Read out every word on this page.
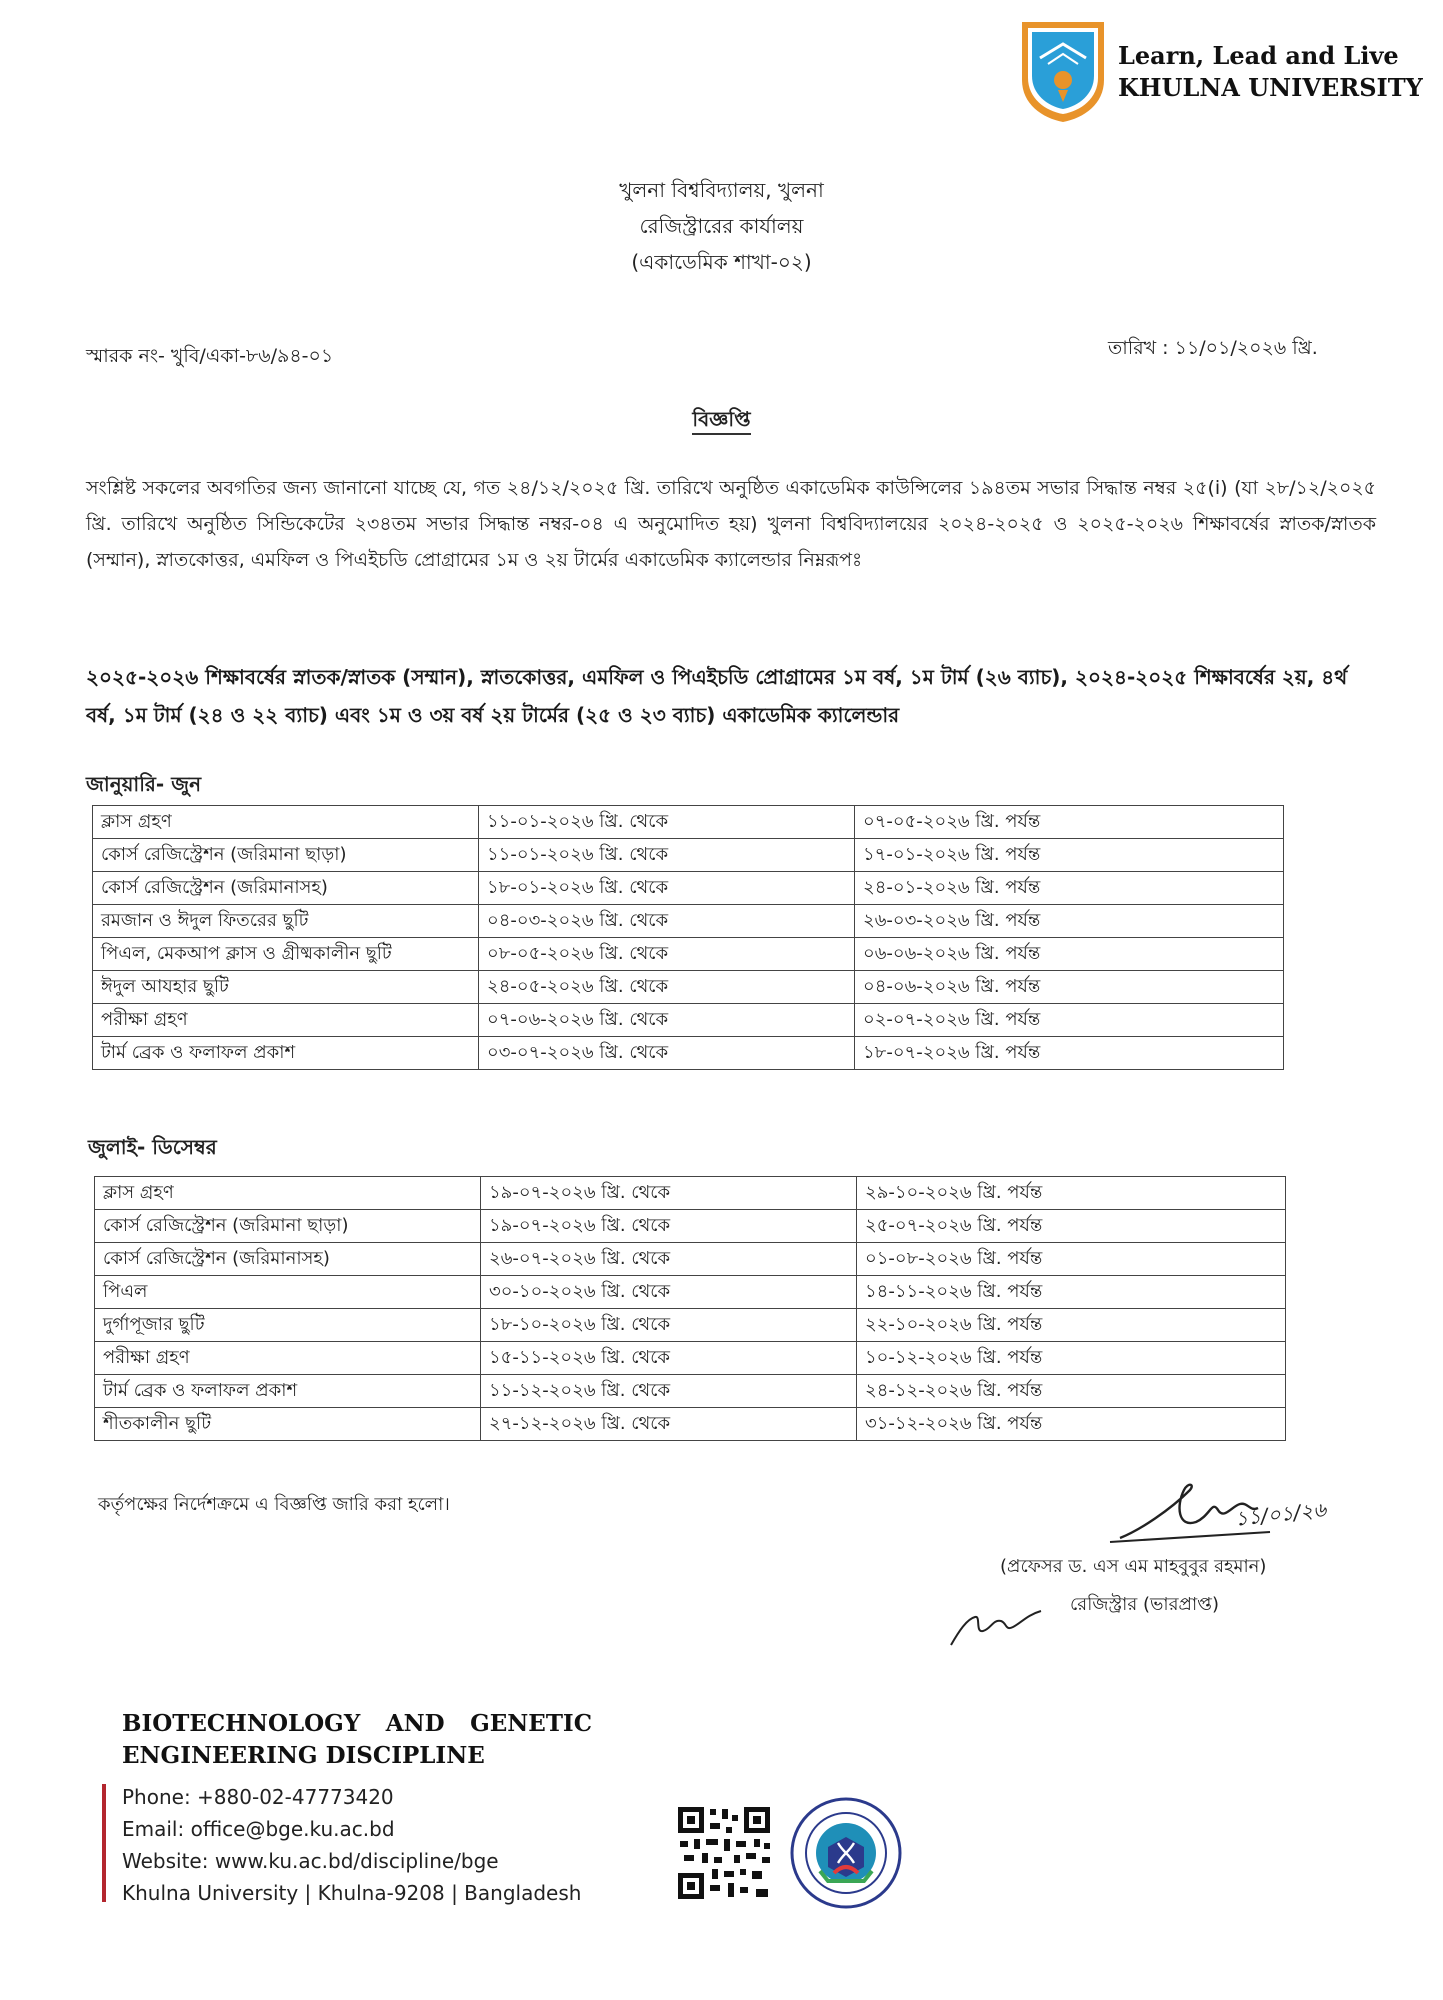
Learn, Lead and Live
KHULNA UNIVERSITY
খুলনা বিশ্ববিদ্যালয়, খুলনা
রেজিস্ট্রারের কার্যালয়
(একাডেমিক শাখা-০২)
স্মারক নং- খুবি/একা-৮৬/৯৪-০১	তারিখ : ১১/০১/২০২৬ খ্রি.
বিজ্ঞপ্তি
সংশ্লিষ্ট সকলের অবগতির জন্য জানানো যাচ্ছে যে, গত ২৪/১২/২০২৫ খ্রি. তারিখে অনুষ্ঠিত একাডেমিক কাউন্সিলের ১৯৪তম সভার সিদ্ধান্ত নম্বর ২৫(i) (যা ২৮/১২/২০২৫ খ্রি. তারিখে অনুষ্ঠিত সিন্ডিকেটের ২৩৪তম সভার সিদ্ধান্ত নম্বর-০৪ এ অনুমোদিত হয়) খুলনা বিশ্ববিদ্যালয়ের ২০২৪-২০২৫ ও ২০২৫-২০২৬ শিক্ষাবর্ষের স্নাতক/স্নাতক (সম্মান), স্নাতকোত্তর, এমফিল ও পিএইচডি প্রোগ্রামের ১ম ও ২য় টার্মের একাডেমিক ক্যালেন্ডার নিম্নরূপঃ
২০২৫-২০২৬ শিক্ষাবর্ষের স্নাতক/স্নাতক (সম্মান), স্নাতকোত্তর, এমফিল ও পিএইচডি প্রোগ্রামের ১ম বর্ষ, ১ম টার্ম (২৬ ব্যাচ), ২০২৪-২০২৫ শিক্ষাবর্ষের ২য়, ৪র্থ বর্ষ, ১ম টার্ম (২৪ ও ২২ ব্যাচ) এবং ১ম ও ৩য় বর্ষ ২য় টার্মের (২৫ ও ২৩ ব্যাচ) একাডেমিক ক্যালেন্ডার
জানুয়ারি- জুন
ক্লাস গ্রহণ	১১-০১-২০২৬ খ্রি. থেকে	০৭-০৫-২০২৬ খ্রি. পর্যন্ত
কোর্স রেজিস্ট্রেশন (জরিমানা ছাড়া)	১১-০১-২০২৬ খ্রি. থেকে	১৭-০১-২০২৬ খ্রি. পর্যন্ত
কোর্স রেজিস্ট্রেশন (জরিমানাসহ)	১৮-০১-২০২৬ খ্রি. থেকে	২৪-০১-২০২৬ খ্রি. পর্যন্ত
রমজান ও ঈদুল ফিতরের ছুটি	০৪-০৩-২০২৬ খ্রি. থেকে	২৬-০৩-২০২৬ খ্রি. পর্যন্ত
পিএল, মেকআপ ক্লাস ও গ্রীষ্মকালীন ছুটি	০৮-০৫-২০২৬ খ্রি. থেকে	০৬-০৬-২০২৬ খ্রি. পর্যন্ত
ঈদুল আযহার ছুটি	২৪-০৫-২০২৬ খ্রি. থেকে	০৪-০৬-২০২৬ খ্রি. পর্যন্ত
পরীক্ষা গ্রহণ	০৭-০৬-২০২৬ খ্রি. থেকে	০২-০৭-২০২৬ খ্রি. পর্যন্ত
টার্ম ব্রেক ও ফলাফল প্রকাশ	০৩-০৭-২০২৬ খ্রি. থেকে	১৮-০৭-২০২৬ খ্রি. পর্যন্ত
জুলাই- ডিসেম্বর
ক্লাস গ্রহণ	১৯-০৭-২০২৬ খ্রি. থেকে	২৯-১০-২০২৬ খ্রি. পর্যন্ত
কোর্স রেজিস্ট্রেশন (জরিমানা ছাড়া)	১৯-০৭-২০২৬ খ্রি. থেকে	২৫-০৭-২০২৬ খ্রি. পর্যন্ত
কোর্স রেজিস্ট্রেশন (জরিমানাসহ)	২৬-০৭-২০২৬ খ্রি. থেকে	০১-০৮-২০২৬ খ্রি. পর্যন্ত
পিএল	৩০-১০-২০২৬ খ্রি. থেকে	১৪-১১-২০২৬ খ্রি. পর্যন্ত
দুর্গাপূজার ছুটি	১৮-১০-২০২৬ খ্রি. থেকে	২২-১০-২০২৬ খ্রি. পর্যন্ত
পরীক্ষা গ্রহণ	১৫-১১-২০২৬ খ্রি. থেকে	১০-১২-২০২৬ খ্রি. পর্যন্ত
টার্ম ব্রেক ও ফলাফল প্রকাশ	১১-১২-২০২৬ খ্রি. থেকে	২৪-১২-২০২৬ খ্রি. পর্যন্ত
শীতকালীন ছুটি	২৭-১২-২০২৬ খ্রি. থেকে	৩১-১২-২০২৬ খ্রি. পর্যন্ত
কর্তৃপক্ষের নির্দেশক্রমে এ বিজ্ঞপ্তি জারি করা হলো।	১১/০১/২৬
(প্রফেসর ড. এস এম মাহবুবুর রহমান)
রেজিস্ট্রার (ভারপ্রাপ্ত)
BIOTECHNOLOGY AND GENETIC ENGINEERING DISCIPLINE
Phone: +880-02-47773420
Email: office@bge.ku.ac.bd
Website: www.ku.ac.bd/discipline/bge
Khulna University | Khulna-9208 | Bangladesh
